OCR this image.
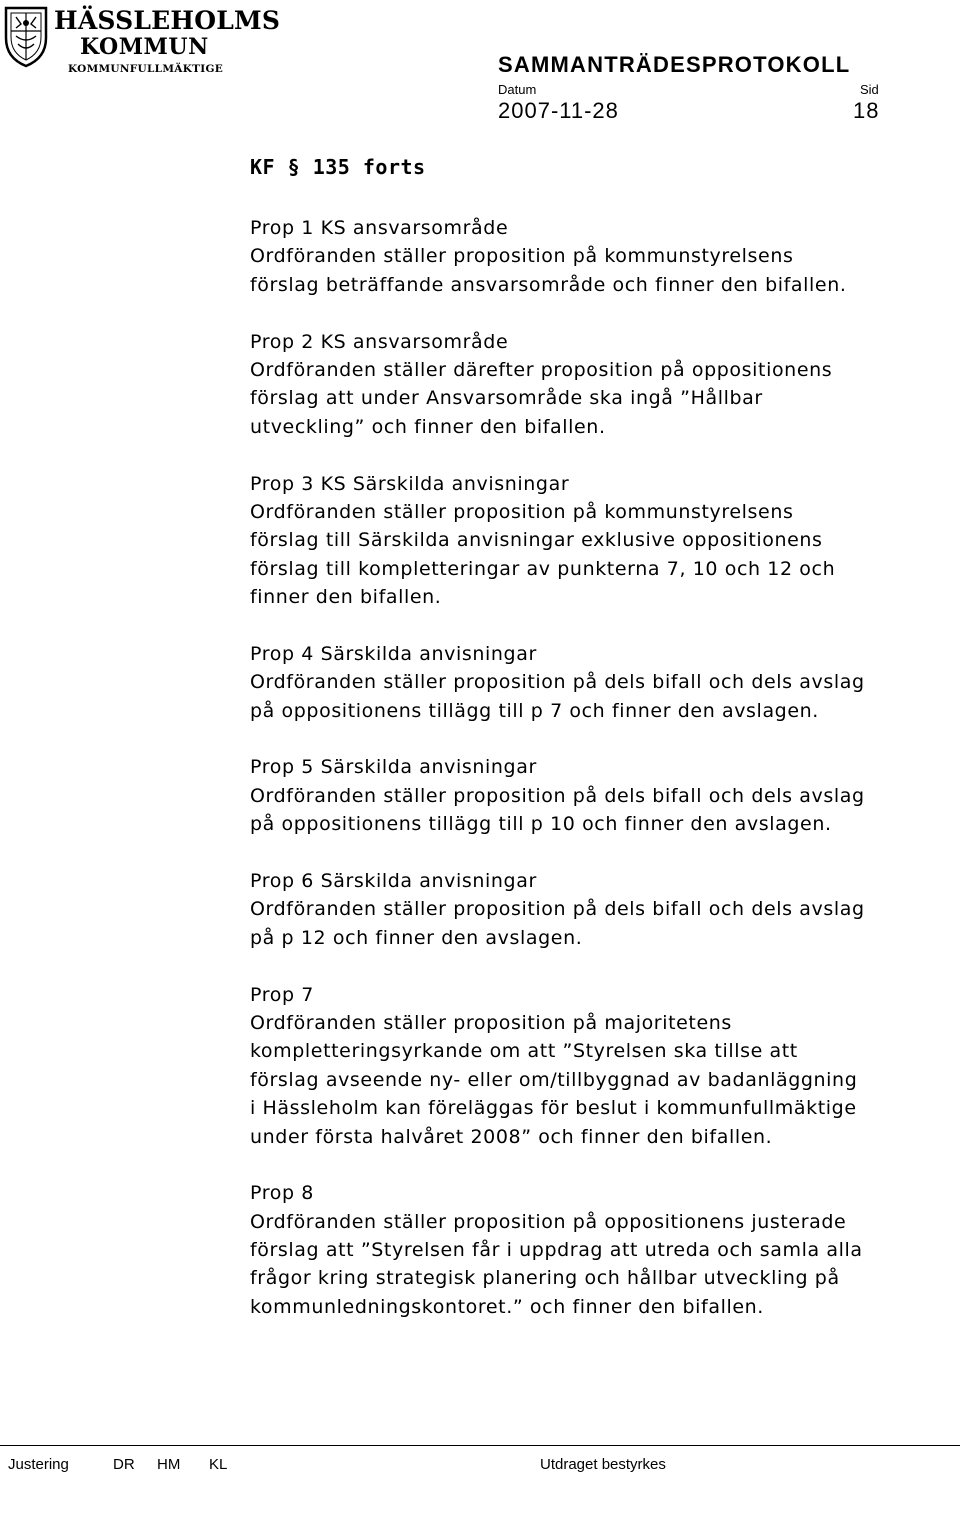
HÄSSLEHOLMS
KOMMUN
KOMMUNFULLMÄKTIGE	SAMMANTRÄDESPROTOKOLL
Datum	Sid
2007-11-28	18
KF § 135 forts
Prop 1 KS ansvarsområde
Ordföranden ställer proposition på kommunstyrelsens
förslag beträffande ansvarsområde och finner den bifallen.
Prop 2 KS ansvarsområde
Ordföranden ställer därefter proposition på oppositionens
förslag att under Ansvarsområde ska ingå ”Hållbar
utveckling” och finner den bifallen.
Prop 3 KS Särskilda anvisningar
Ordföranden ställer proposition på kommunstyrelsens
förslag till Särskilda anvisningar exklusive oppositionens
förslag till kompletteringar av punkterna 7, 10 och 12 och
finner den bifallen.
Prop 4 Särskilda anvisningar
Ordföranden ställer proposition på dels bifall och dels avslag
på oppositionens tillägg till p 7 och finner den avslagen.
Prop 5 Särskilda anvisningar
Ordföranden ställer proposition på dels bifall och dels avslag
på oppositionens tillägg till p 10 och finner den avslagen.
Prop 6 Särskilda anvisningar
Ordföranden ställer proposition på dels bifall och dels avslag
på p 12 och finner den avslagen.
Prop 7
Ordföranden ställer proposition på majoritetens
kompletteringsyrkande om att ”Styrelsen ska tillse att
förslag avseende ny- eller om/tillbyggnad av badanläggning
i Hässleholm kan föreläggas för beslut i kommunfullmäktige
under första halvåret 2008” och finner den bifallen.
Prop 8
Ordföranden ställer proposition på oppositionens justerade
förslag att ”Styrelsen får i uppdrag att utreda och samla alla
frågor kring strategisk planering och hållbar utveckling på
kommunledningskontoret.” och finner den bifallen.
Justering	DR HM KL	Utdraget bestyrkes
